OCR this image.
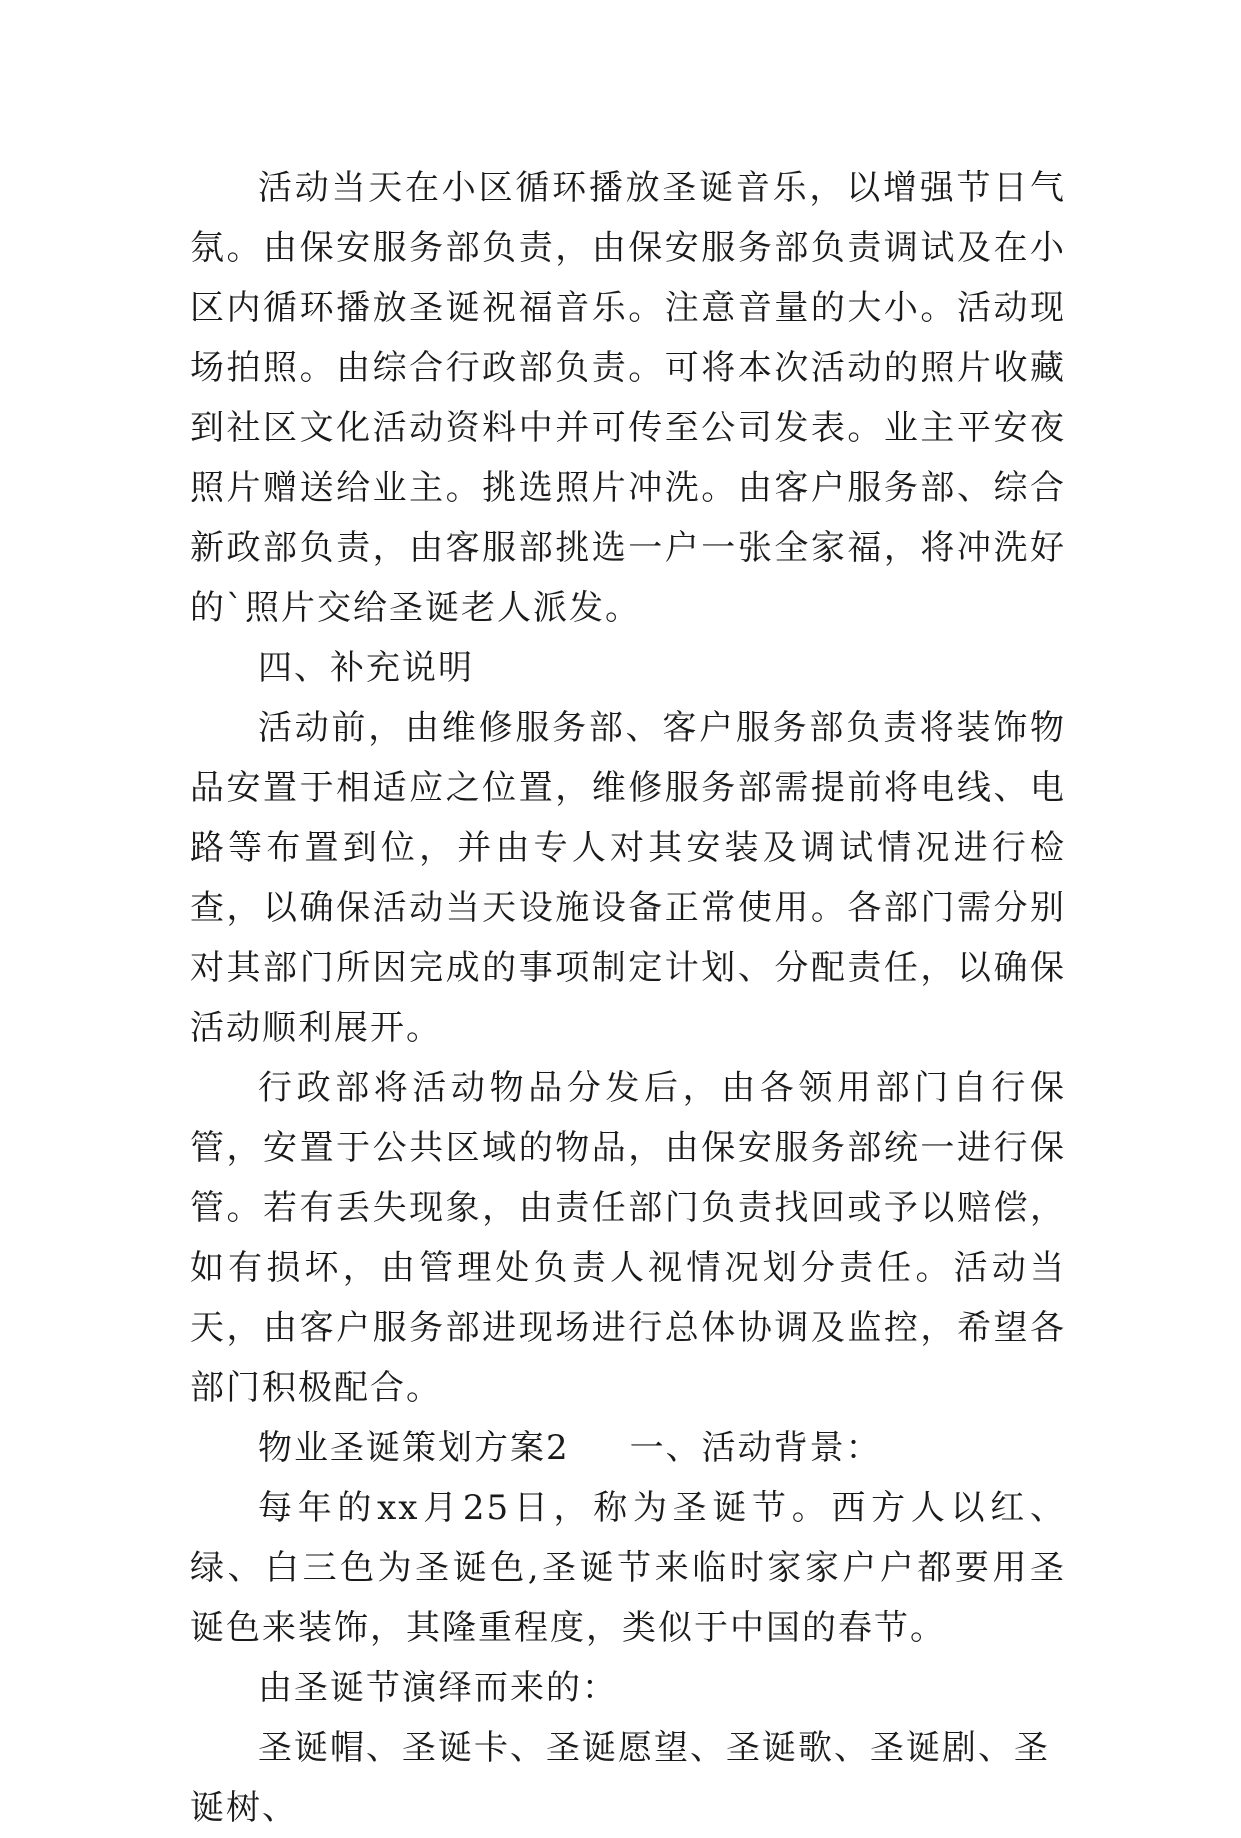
活动当天在小区循环播放圣诞音乐，以增强节日气氛。由保安服务部负责，由保安服务部负责调试及在小区内循环播放圣诞祝福音乐。注意音量的大小。活动现场拍照。由综合行政部负责。可将本次活动的照片收藏到社区文化活动资料中并可传至公司发表。业主平安夜照片赠送给业主。挑选照片冲洗。由客户服务部、综合新政部负责，由客服部挑选一户一张全家福，将冲洗好的`照片交给圣诞老人派发。

四、补充说明

活动前，由维修服务部、客户服务部负责将装饰物品安置于相适应之位置，维修服务部需提前将电线、电路等布置到位，并由专人对其安装及调试情况进行检查，以确保活动当天设施设备正常使用。各部门需分别对其部门所因完成的事项制定计划、分配责任，以确保活动顺利展开。

行政部将活动物品分发后，由各领用部门自行保管，安置于公共区域的物品，由保安服务部统一进行保管。若有丢失现象，由责任部门负责找回或予以赔偿，如有损坏，由管理处负责人视情况划分责任。活动当天，由客户服务部进现场进行总体协调及监控，希望各部门积极配合。

物业圣诞策划方案2 一、活动背景：

每年的xx月25日，称为圣诞节。西方人以红、绿、白三色为圣诞色,圣诞节来临时家家户户都要用圣诞色来装饰，其隆重程度，类似于中国的春节。

由圣诞节演绎而来的：

圣诞帽、圣诞卡、圣诞愿望、圣诞歌、圣诞剧、圣诞树、
